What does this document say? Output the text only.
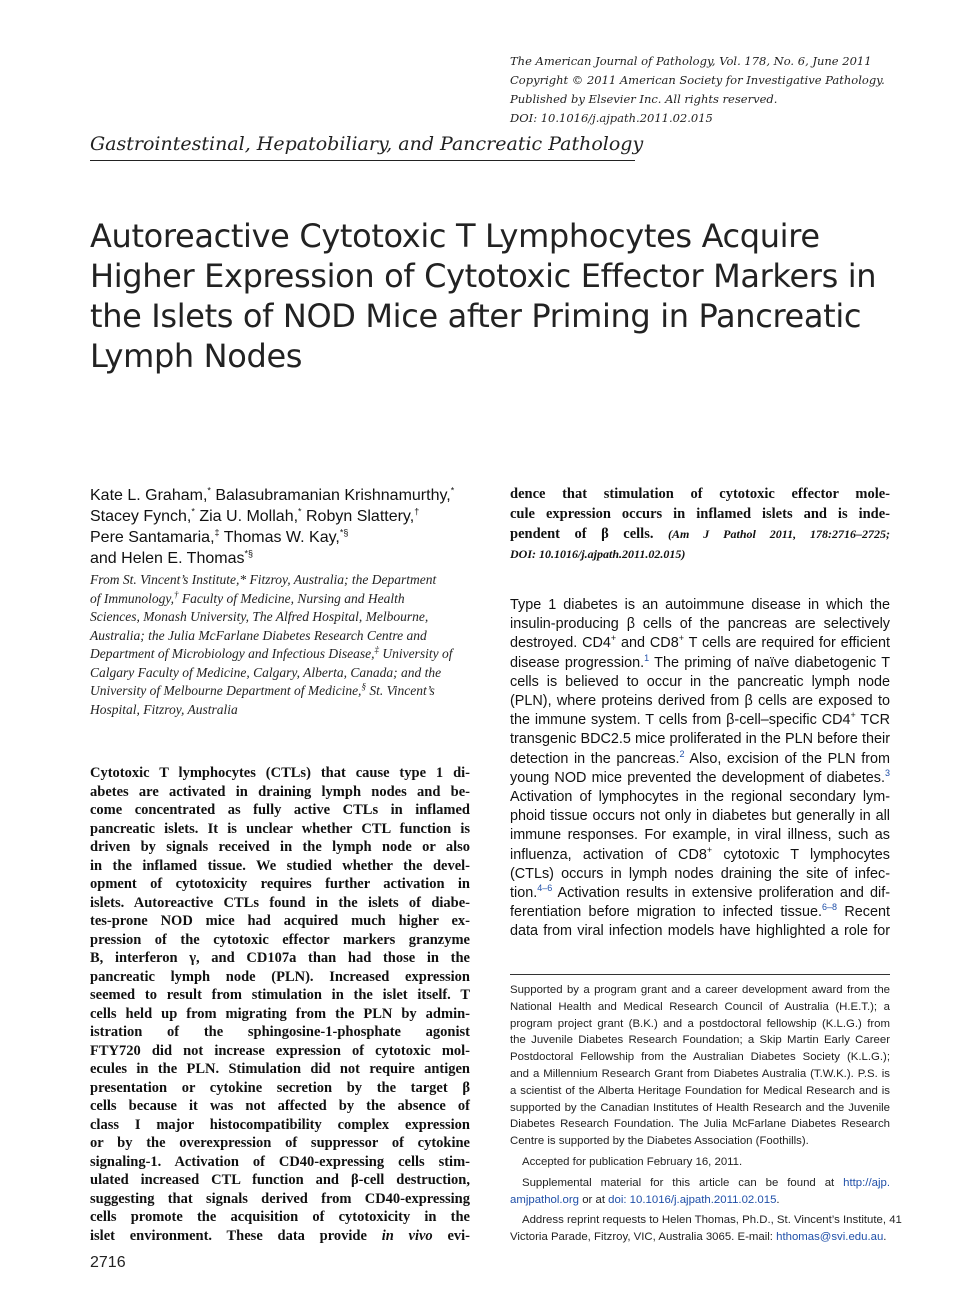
The American Journal of Pathology, Vol. 178, No. 6, June 2011
Copyright © 2011 American Society for Investigative Pathology.
Published by Elsevier Inc. All rights reserved.
DOI: 10.1016/j.ajpath.2011.02.015
Gastrointestinal, Hepatobiliary, and Pancreatic Pathology
Autoreactive Cytotoxic T Lymphocytes Acquire
Higher Expression of Cytotoxic Effector Markers in
the Islets of NOD Mice after Priming in Pancreatic
Lymph Nodes
Kate L. Graham,* Balasubramanian Krishnamurthy,*
Stacey Fynch,* Zia U. Mollah,* Robyn Slattery,†
Pere Santamaria,‡ Thomas W. Kay,*§
and Helen E. Thomas*§
From St. Vincent’s Institute,* Fitzroy, Australia; the Department
of Immunology,† Faculty of Medicine, Nursing and Health
Sciences, Monash University, The Alfred Hospital, Melbourne,
Australia; the Julia McFarlane Diabetes Research Centre and
Department of Microbiology and Infectious Disease,‡ University of
Calgary Faculty of Medicine, Calgary, Alberta, Canada; and the
University of Melbourne Department of Medicine,§ St. Vincent’s
Hospital, Fitzroy, Australia
Cytotoxic T lymphocytes (CTLs) that cause type 1 di-
abetes are activated in draining lymph nodes and be-
come concentrated as fully active CTLs in inflamed
pancreatic islets. It is unclear whether CTL function is
driven by signals received in the lymph node or also
in the inflamed tissue. We studied whether the devel-
opment of cytotoxicity requires further activation in
islets. Autoreactive CTLs found in the islets of diabe-
tes-prone NOD mice had acquired much higher ex-
pression of the cytotoxic effector markers granzyme
B, interferon γ, and CD107a than had those in the
pancreatic lymph node (PLN). Increased expression
seemed to result from stimulation in the islet itself. T
cells held up from migrating from the PLN by admin-
istration of the sphingosine-1-phosphate agonist
FTY720 did not increase expression of cytotoxic mol-
ecules in the PLN. Stimulation did not require antigen
presentation or cytokine secretion by the target β
cells because it was not affected by the absence of
class I major histocompatibility complex expression
or by the overexpression of suppressor of cytokine
signaling-1. Activation of CD40-expressing cells stim-
ulated increased CTL function and β-cell destruction,
suggesting that signals derived from CD40-expressing
cells promote the acquisition of cytotoxicity in the
islet environment. These data provide in vivo evi-
dence that stimulation of cytotoxic effector mole-
cule expression occurs in inflamed islets and is inde-
pendent of β cells. (Am J Pathol 2011, 178:2716–2725;
DOI: 10.1016/j.ajpath.2011.02.015)
Type 1 diabetes is an autoimmune disease in which the
insulin-producing β cells of the pancreas are selectively
destroyed. CD4+ and CD8+ T cells are required for efficient
disease progression.$^1$ The priming of naïve diabetogenic T
cells is believed to occur in the pancreatic lymph node
(PLN), where proteins derived from β cells are exposed to
the immune system. T cells from β-cell–specific CD4+ TCR
transgenic BDC2.5 mice proliferated in the PLN before their
detection in the pancreas.$^2$ Also, excision of the PLN from
young NOD mice prevented the development of diabetes.$^3$
Activation of lymphocytes in the regional secondary lym-
phoid tissue occurs not only in diabetes but generally in all
immune responses. For example, in viral illness, such as
influenza, activation of CD8+ cytotoxic T lymphocytes
(CTLs) occurs in lymph nodes draining the site of infec-
tion.$^{4-6}$ Activation results in extensive proliferation and dif-
ferentiation before migration to infected tissue.$^{6-8}$ Recent
data from viral infection models have highlighted a role for
Supported by a program grant and a career development award from the
National Health and Medical Research Council of Australia (H.E.T.); a
program project grant (B.K.) and a postdoctoral fellowship (K.L.G.) from
the Juvenile Diabetes Research Foundation; a Skip Martin Early Career
Postdoctoral Fellowship from the Australian Diabetes Society (K.L.G.);
and a Millennium Research Grant from Diabetes Australia (T.W.K.). P.S. is
a scientist of the Alberta Heritage Foundation for Medical Research and is
supported by the Canadian Institutes of Health Research and the Juvenile
Diabetes Research Foundation. The Julia McFarlane Diabetes Research
Centre is supported by the Diabetes Association (Foothills).
Accepted for publication February 16, 2011.
Supplemental material for this article can be found at http://ajp.
amjpathol.org or at doi: 10.1016/j.ajpath.2011.02.015.
Address reprint requests to Helen Thomas, Ph.D., St. Vincent’s Institute, 41
Victoria Parade, Fitzroy, VIC, Australia 3065. E-mail: hthomas@svi.edu.au.
2716
